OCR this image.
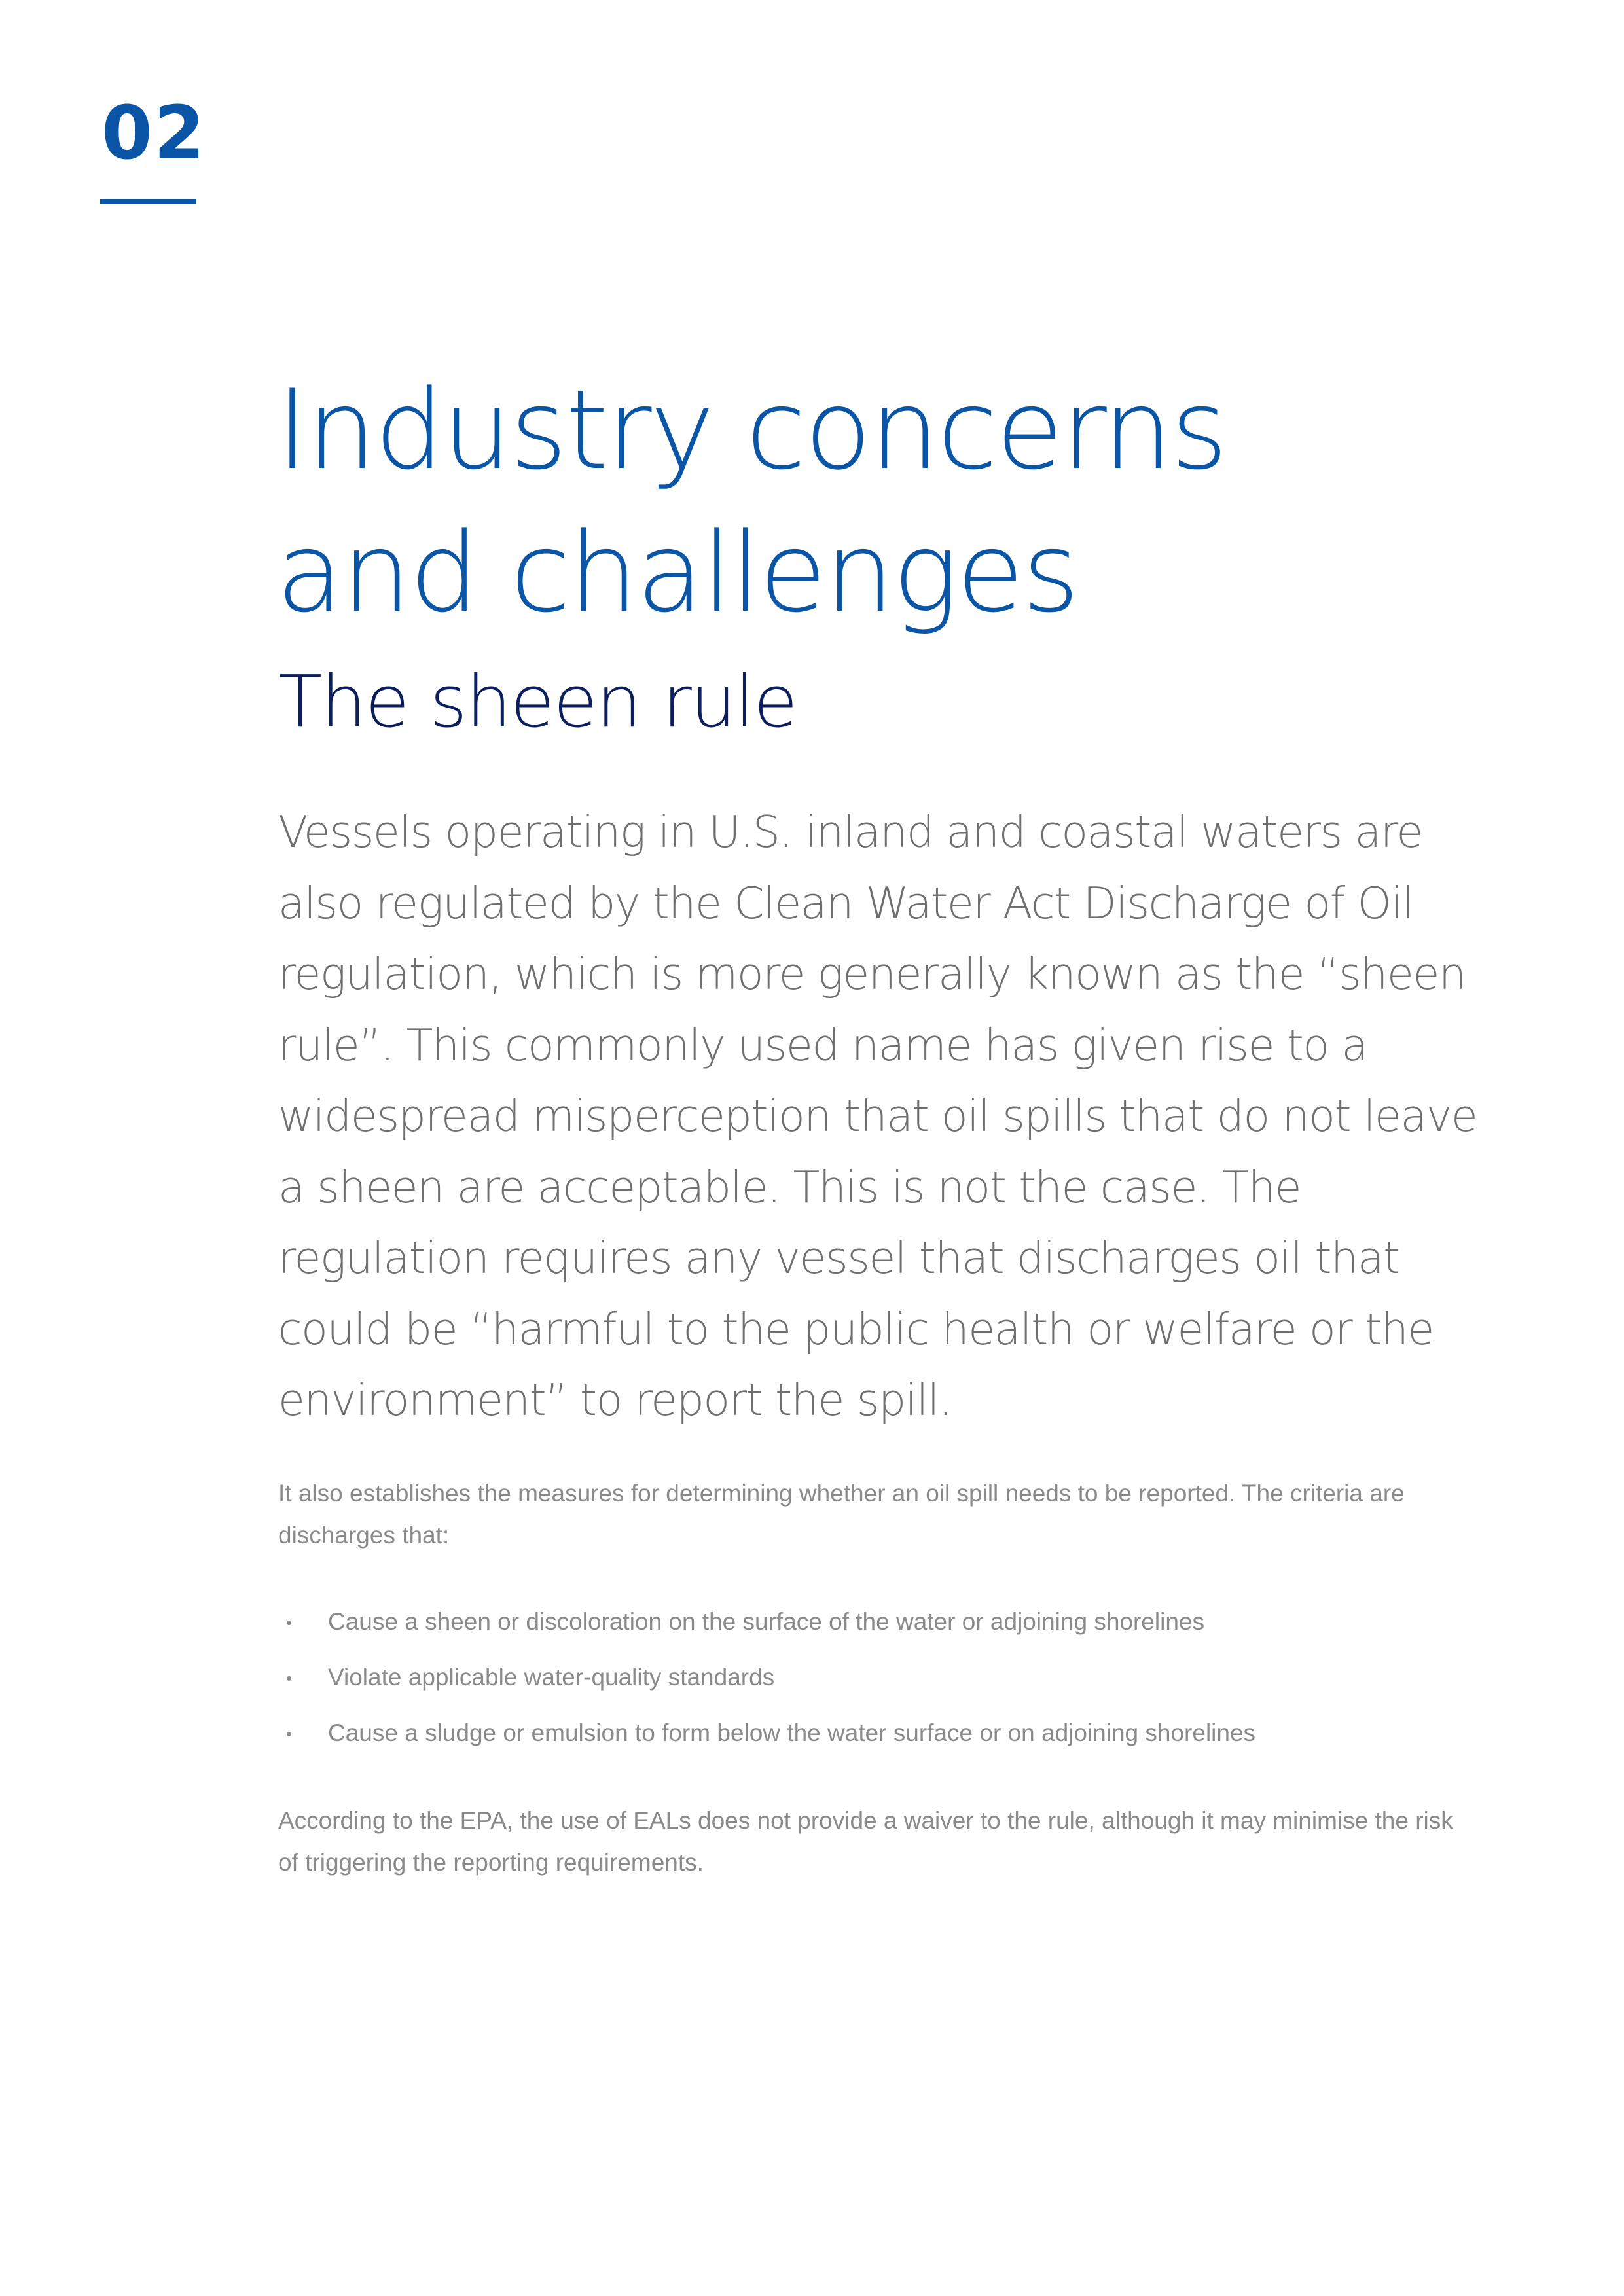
02
Industry concerns
and challenges
The sheen rule

Vessels operating in U.S. inland and coastal waters are also regulated by the Clean Water Act Discharge of Oil regulation, which is more generally known as the “sheen rule”. This commonly used name has given rise to a widespread misperception that oil spills that do not leave a sheen are acceptable. This is not the case. The regulation requires any vessel that discharges oil that could be “harmful to the public health or welfare or the environment” to report the spill.

It also establishes the measures for determining whether an oil spill needs to be reported. The criteria are discharges that:

Cause a sheen or discoloration on the surface of the water or adjoining shorelines
Violate applicable water-quality standards
Cause a sludge or emulsion to form below the water surface or on adjoining shorelines

According to the EPA, the use of EALs does not provide a waiver to the rule, although it may minimise the risk of triggering the reporting requirements.
